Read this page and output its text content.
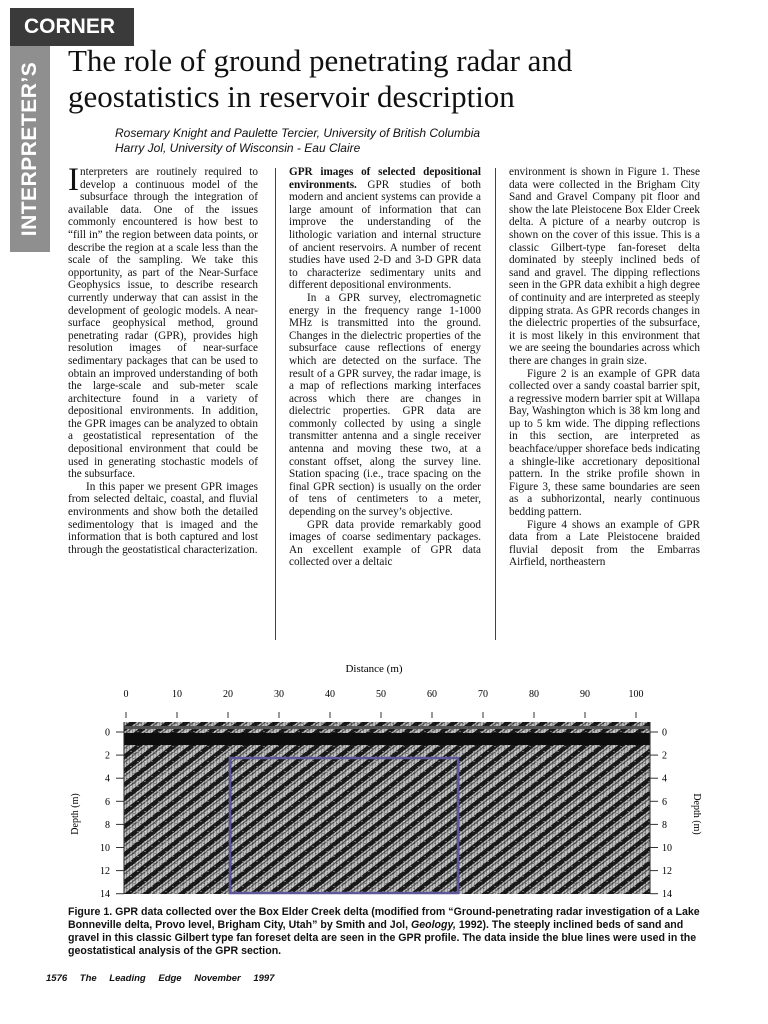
CORNER
INTERPRETER’S
The role of ground penetrating radar and geostatistics in reservoir description
Rosemary Knight and Paulette Tercier, University of British Columbia
Harry Jol, University of Wisconsin - Eau Claire

Interpreters are routinely required to develop a continuous model of the subsurface through the integration of available data. One of the issues commonly encountered is how best to “fill in” the region between data points, or describe the region at a scale less than the scale of the sampling. We take this opportunity, as part of the Near-Surface Geophysics issue, to describe research currently underway that can assist in the development of geologic models. A near-surface geophysical method, ground penetrating radar (GPR), provides high resolution images of near-surface sedimentary packages that can be used to obtain an improved understanding of both the large-scale and sub-meter scale architecture found in a variety of depositional environments. In addition, the GPR images can be analyzed to obtain a geostatistical representation of the depositional environment that could be used in generating stochastic models of the subsurface.

In this paper we present GPR images from selected deltaic, coastal, and fluvial environments and show both the detailed sedimentology that is imaged and the information that is both captured and lost through the geostatistical characterization.

GPR images of selected depositional environments. GPR studies of both modern and ancient systems can provide a large amount of information that can improve the understanding of the lithologic variation and internal structure of ancient reservoirs. A number of recent studies have used 2-D and 3-D GPR data to characterize sedimentary units and different depositional environments.

In a GPR survey, electromagnetic energy in the frequency range 1-1000 MHz is transmitted into the ground. Changes in the dielectric properties of the subsurface cause reflections of energy which are detected on the surface. The result of a GPR survey, the radar image, is a map of reflections marking interfaces across which there are changes in dielectric properties. GPR data are commonly collected by using a single transmitter antenna and a single receiver antenna and moving these two, at a constant offset, along the survey line. Station spacing (i.e., trace spacing on the final GPR section) is usually on the order of tens of centimeters to a meter, depending on the survey’s objective.

GPR data provide remarkably good images of coarse sedimentary packages. An excellent example of GPR data collected over a deltaic

environment is shown in Figure 1. These data were collected in the Brigham City Sand and Gravel Company pit floor and show the late Pleistocene Box Elder Creek delta. A picture of a nearby outcrop is shown on the cover of this issue. This is a classic Gilbert-type fan-foreset delta dominated by steeply inclined beds of sand and gravel. The dipping reflections seen in the GPR data exhibit a high degree of continuity and are interpreted as steeply dipping strata. As GPR records changes in the dielectric properties of the subsurface, it is most likely in this environment that we are seeing the boundaries across which there are changes in grain size.

Figure 2 is an example of GPR data collected over a sandy coastal barrier spit, a regressive modern barrier spit at Willapa Bay, Washington which is 38 km long and up to 5 km wide. The dipping reflections in this section, are interpreted as beachface/upper shoreface beds indicating a shingle-like accretionary depositional pattern. In the strike profile shown in Figure 3, these same boundaries are seen as a subhorizontal, nearly continuous bedding pattern.

Figure 4 shows an example of GPR data from a Late Pleistocene braided fluvial deposit from the Embarras Airfield, northeastern

Distance (m)
0	10	20	30	40	50	60	70	80	90	100
0
2
4
6
8
10
12
14
0
2
4
6
8
10
12
14
Depth (m)	Depth (m)
Figure 1. GPR data collected over the Box Elder Creek delta (modified from “Ground-penetrating radar investigation of a Lake Bonneville delta, Provo level, Brigham City, Utah” by Smith and Jol, Geology, 1992). The steeply inclined beds of sand and gravel in this classic Gilbert type fan foreset delta are seen in the GPR profile. The data inside the blue lines were used in the geostatistical analysis of the GPR section.
1576 The Leading Edge November 1997
